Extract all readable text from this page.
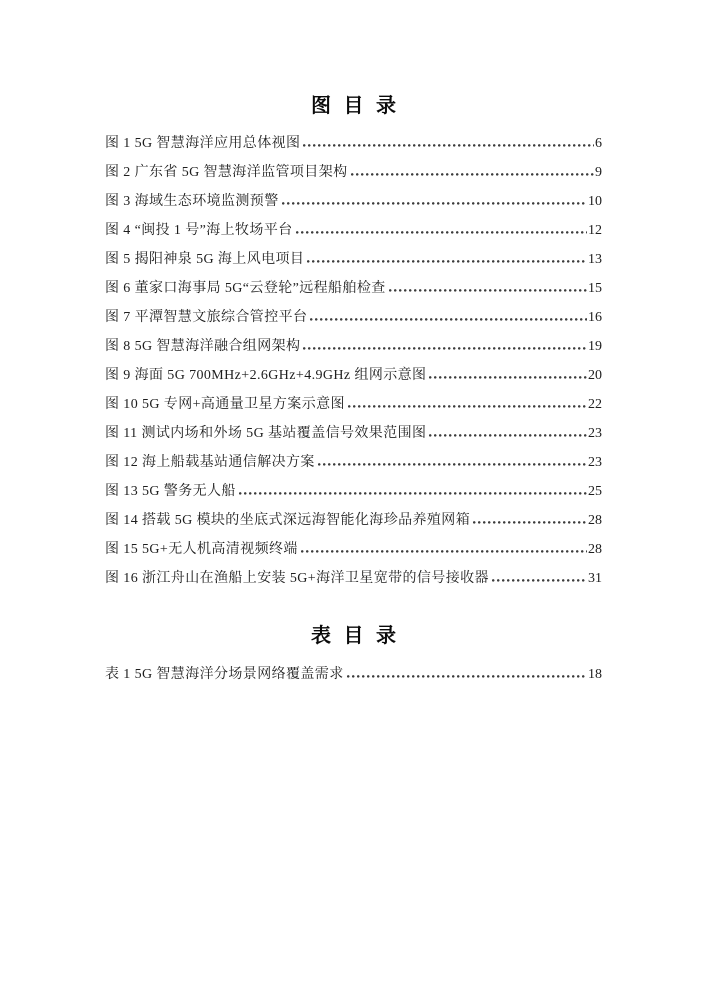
图 目 录
图 1 5G 智慧海洋应用总体视图	6
图 2 广东省 5G 智慧海洋监管项目架构	9
图 3 海域生态环境监测预警	10
图 4 “闽投 1 号”海上牧场平台	12
图 5 揭阳神泉 5G 海上风电项目	13
图 6 董家口海事局 5G“云登轮”远程船舶检查	15
图 7 平潭智慧文旅综合管控平台	16
图 8 5G 智慧海洋融合组网架构	19
图 9 海面 5G 700MHz+2.6GHz+4.9GHz 组网示意图	20
图 10 5G 专网+高通量卫星方案示意图	22
图 11 测试内场和外场 5G 基站覆盖信号效果范围图	23
图 12 海上船载基站通信解决方案	23
图 13 5G 警务无人船	25
图 14 搭载 5G 模块的坐底式深远海智能化海珍品养殖网箱	28
图 15 5G+无人机高清视频终端	28
图 16 浙江舟山在渔船上安装 5G+海洋卫星宽带的信号接收器	31
表 目 录
表 1 5G 智慧海洋分场景网络覆盖需求	18
